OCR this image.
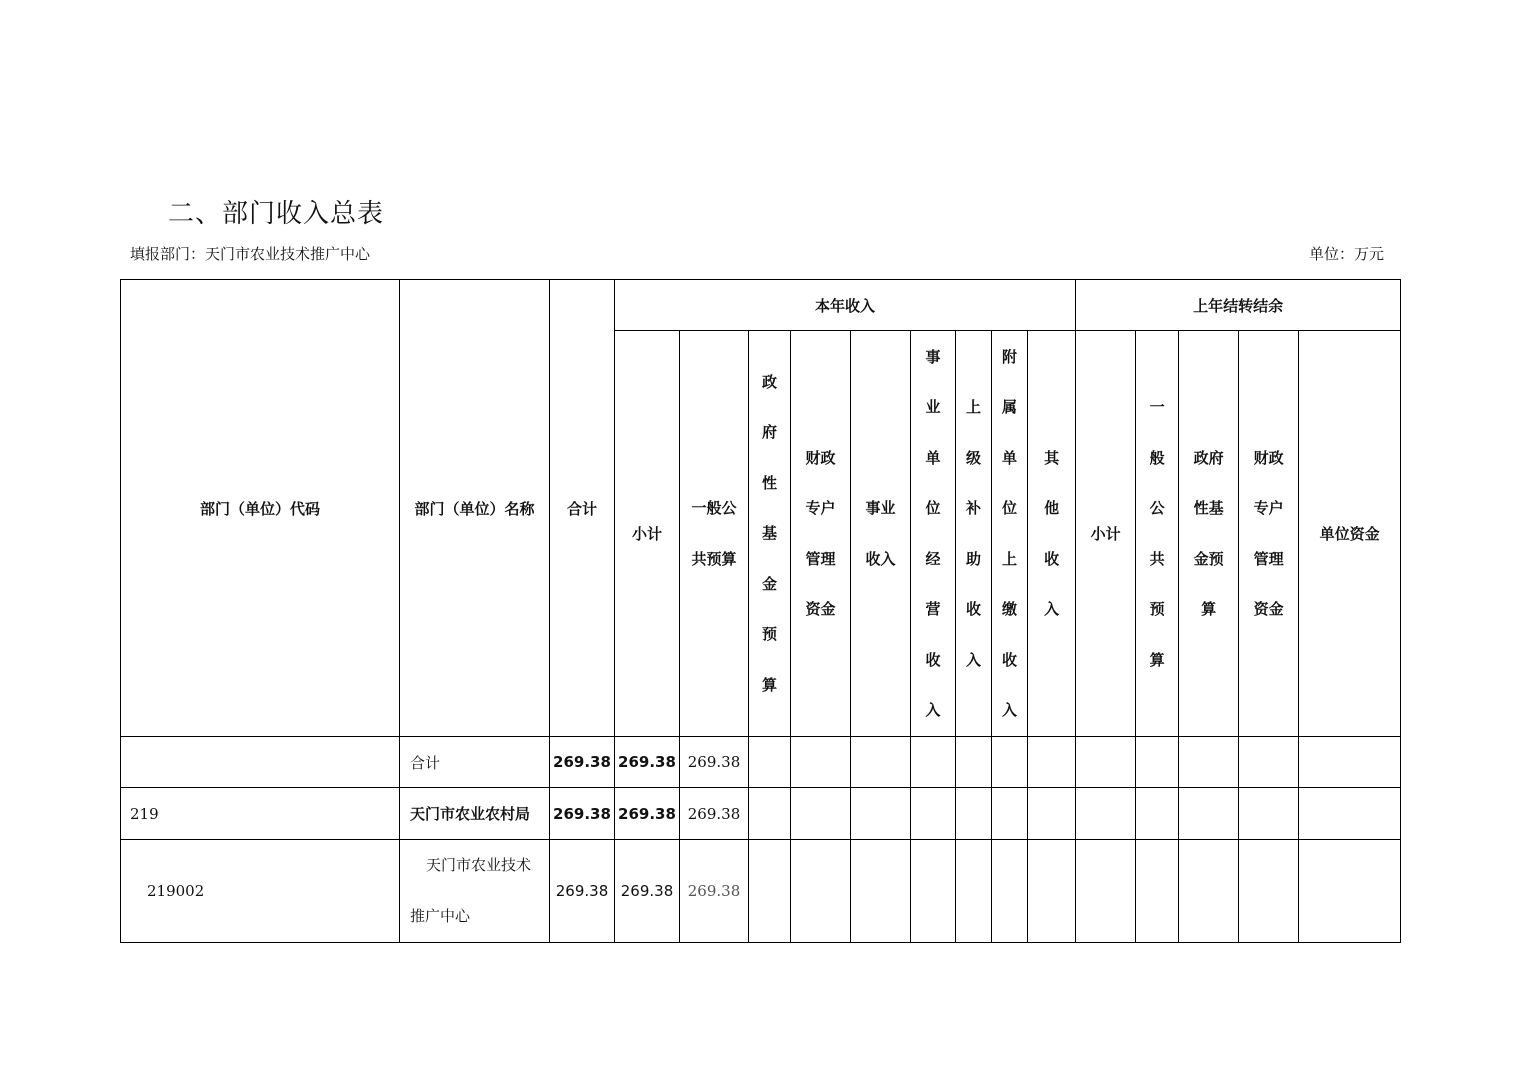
二、部门收入总表
填报部门：天门市农业技术推广中心	单位：万元
部门（单位）代码	部门（单位）名称	合计	本年收入									上年结转结余				
			小计	一般公共预算	政府性基金预算	财政专户管理资金	事业收入	事业单位经营收入	上级补助收入	附属单位上缴收入	其他收入	小计	一般公共预算	政府性基金预算	财政专户管理资金	单位资金
	合计	269.38	269.38	269.38												
219	天门市农业农村局	269.38	269.38	269.38												
219002	天门市农业技术
推广中心	269.38	269.38	269.38												
